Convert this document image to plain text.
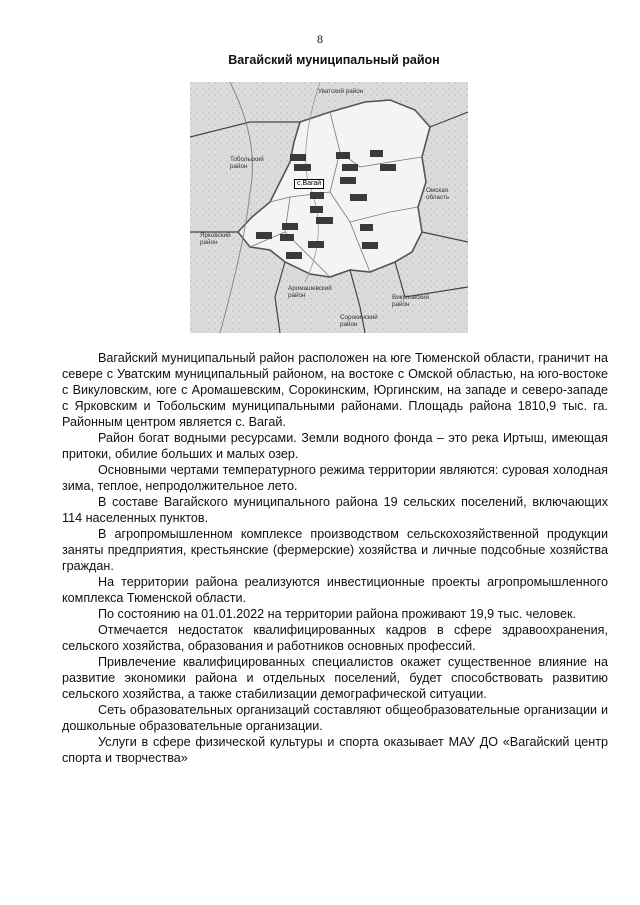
8
Вагайский муниципальный район
Уватский район
Тобольский район
Омская область
Ярковский район
Аромашевский район	Викуловский район
Сорокинский район

с.Вагай

Вагайский муниципальный район расположен на юге Тюменской области, граничит на севере с Уватским муниципальный районом, на востоке с Омской областью, на юго-востоке с Викуловским, юге с Аромашевским, Сорокинским, Юргинским, на западе и северо-западе с Ярковским и Тобольским муниципальными районами. Площадь района 1810,9 тыс. га. Районным центром является с. Вагай.

Район богат водными ресурсами. Земли водного фонда – это река Иртыш, имеющая притоки, обилие больших и малых озер.

Основными чертами температурного режима территории являются: суровая холодная зима, теплое, непродолжительное лето.

В составе Вагайского муниципального района 19 сельских поселений, включающих 114 населенных пунктов.

В агропромышленном комплексе производством сельскохозяйственной продукции заняты предприятия, крестьянские (фермерские) хозяйства и личные подсобные хозяйства граждан.

На территории района реализуются инвестиционные проекты агропромышленного комплекса Тюменской области.

По состоянию на 01.01.2022 на территории района проживают 19,9 тыс. человек.

Отмечается недостаток квалифицированных кадров в сфере здравоохранения, сельского хозяйства, образования и работников основных профессий.

Привлечение квалифицированных специалистов окажет существенное влияние на развитие экономики района и отдельных поселений, будет способствовать развитию сельского хозяйства, а также стабилизации демографической ситуации.

Сеть образовательных организаций составляют общеобразовательные организации и дошкольные образовательные организации.

Услуги в сфере физической культуры и спорта оказывает МАУ ДО «Вагайский центр спорта и творчества»
